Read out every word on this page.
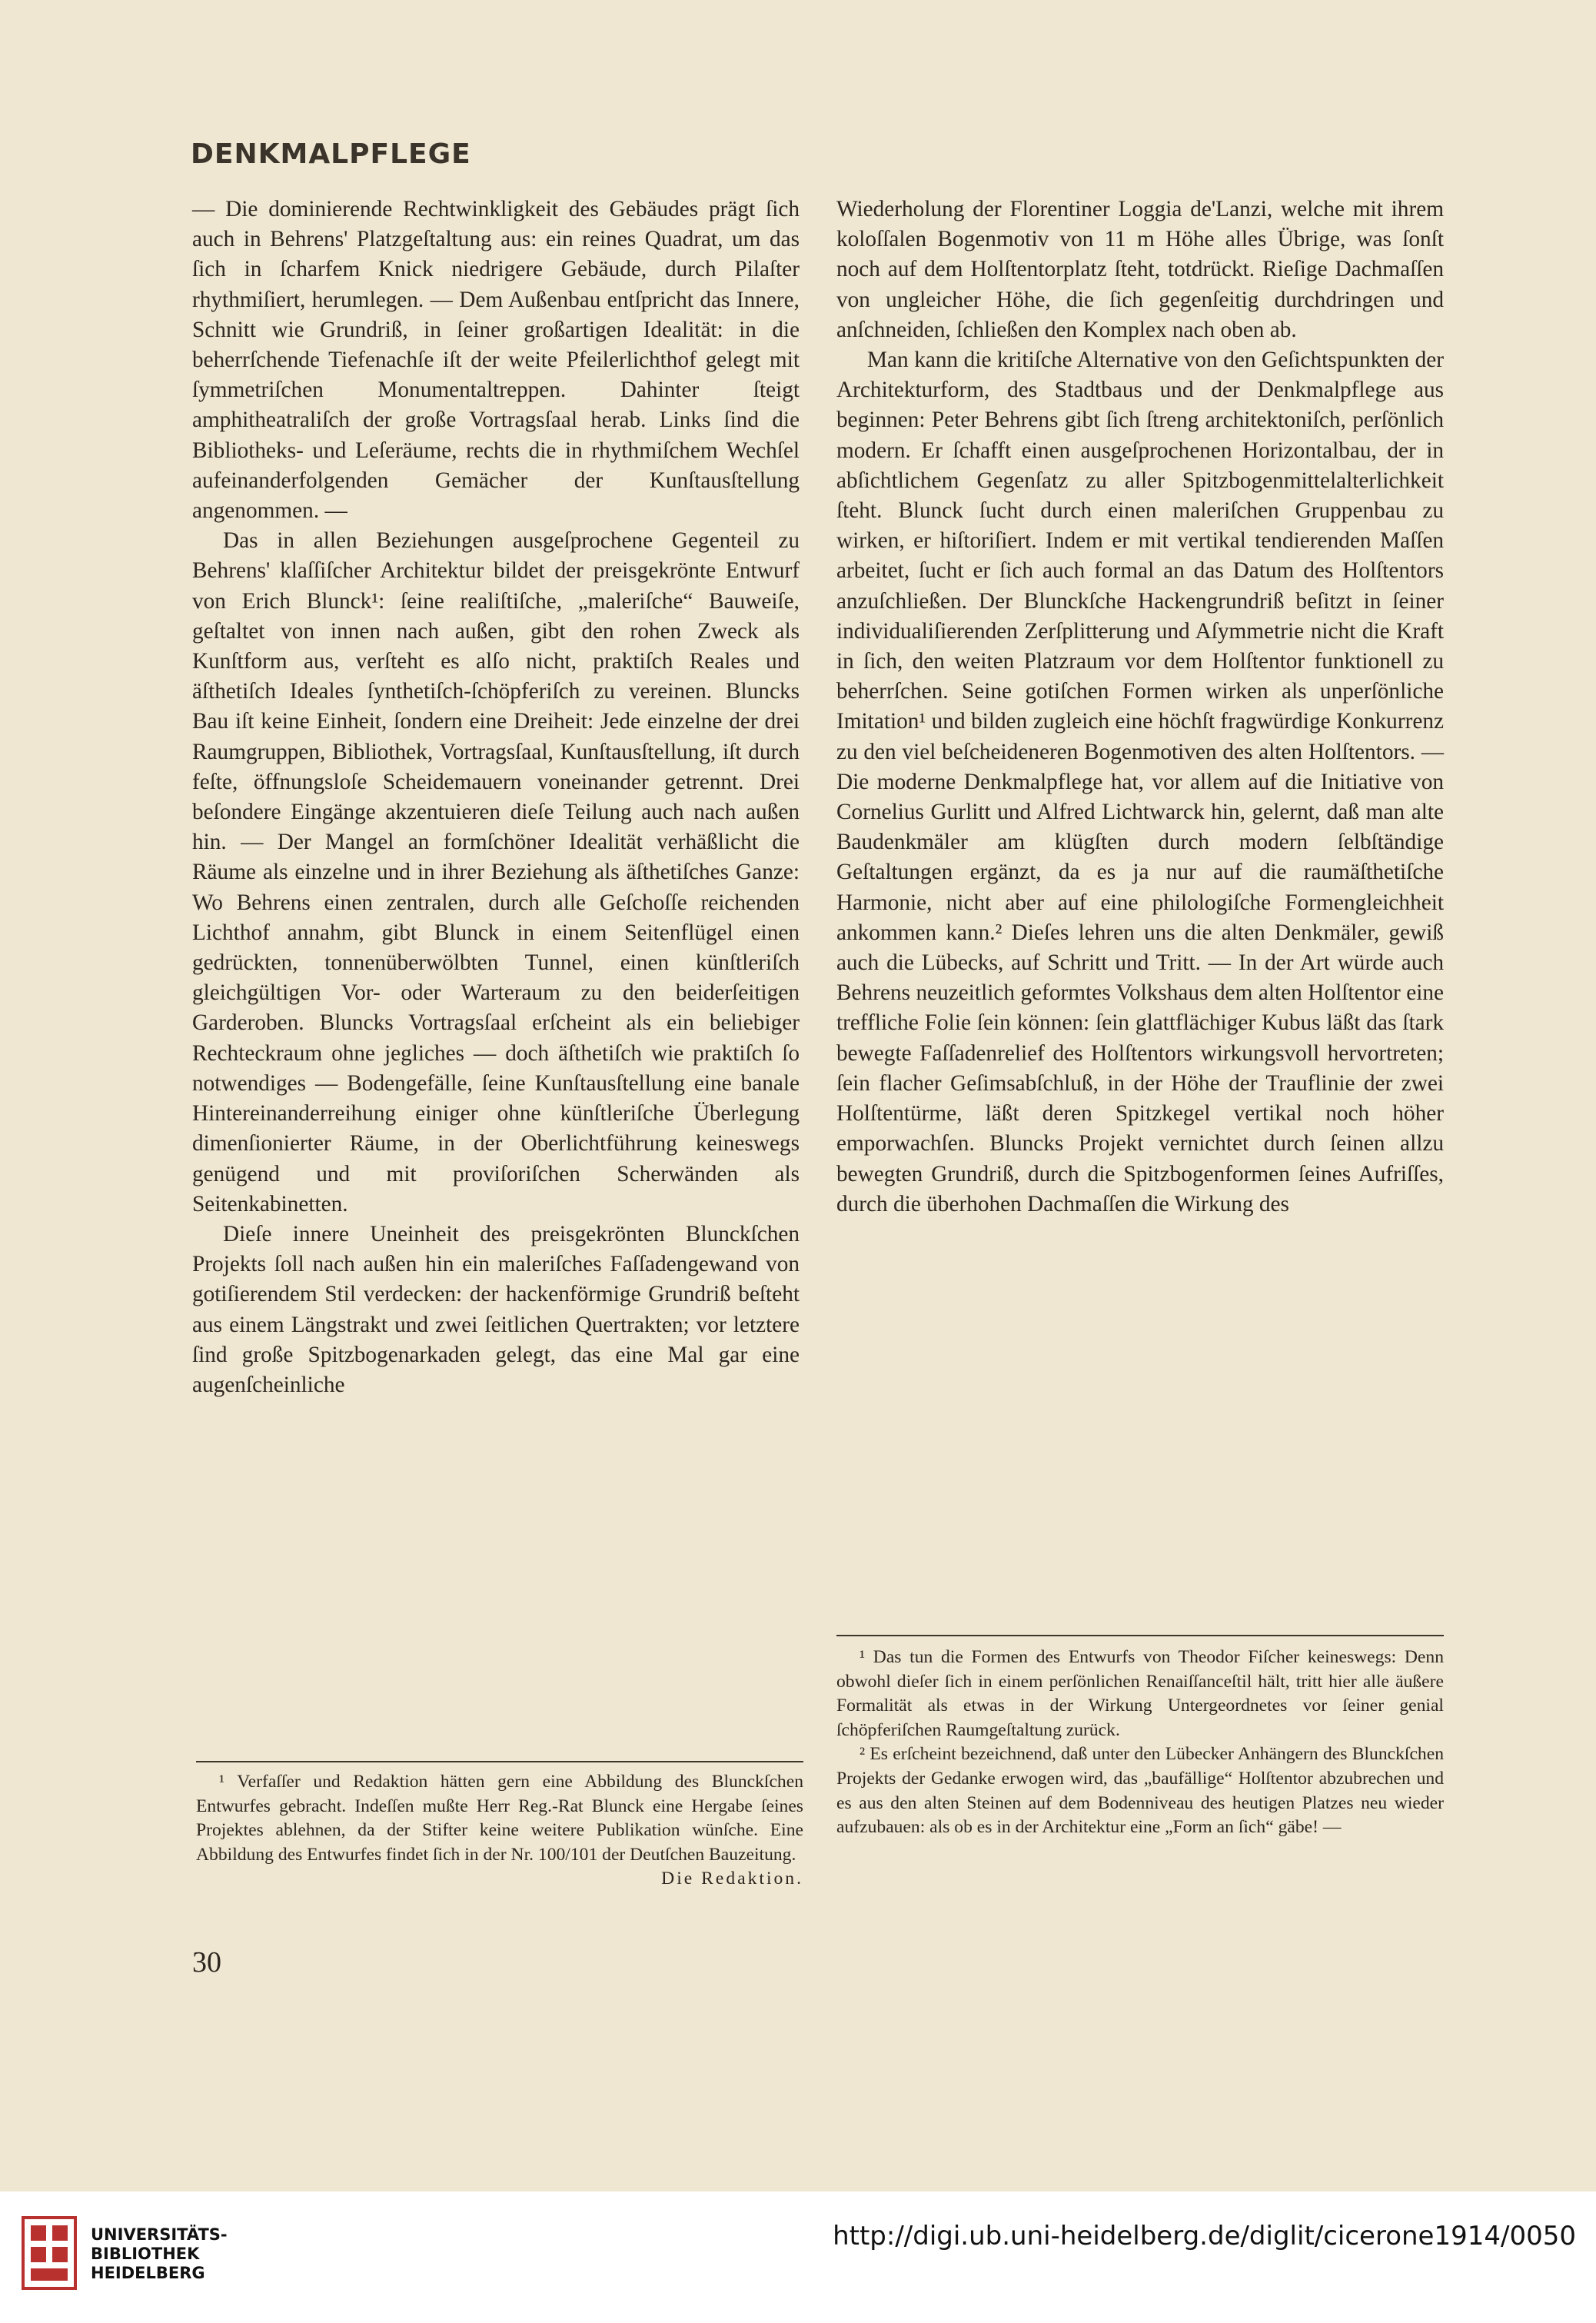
DENKMALPFLEGE

— Die dominierende Rechtwinkligkeit des Gebäudes prägt ſich auch in Behrens' Platzgeſtaltung aus: ein reines Quadrat, um das ſich in ſcharfem Knick niedrigere Gebäude, durch Pilaſter rhythmiſiert, herumlegen. — Dem Außenbau entſpricht das Innere, Schnitt wie Grundriß, in ſeiner großartigen Idealität: in die beherrſchende Tiefenachſe iſt der weite Pfeilerlichthof gelegt mit ſymmetriſchen Monumentaltreppen. Dahinter ſteigt amphitheatraliſch der große Vortragsſaal herab. Links ſind die Bibliotheks- und Leſeräume, rechts die in rhythmiſchem Wechſel aufeinanderfolgenden Gemächer der Kunſtausſtellung angenommen. —

Das in allen Beziehungen ausgeſprochene Gegenteil zu Behrens' klaſſiſcher Architektur bildet der preisgekrönte Entwurf von Erich Blunck¹: ſeine realiſtiſche, „maleriſche“ Bauweiſe, geſtaltet von innen nach außen, gibt den rohen Zweck als Kunſtform aus, verſteht es alſo nicht, praktiſch Reales und äſthetiſch Ideales ſynthetiſch-ſchöpferiſch zu vereinen. Bluncks Bau iſt keine Einheit, ſondern eine Dreiheit: Jede einzelne der drei Raumgruppen, Bibliothek, Vortragsſaal, Kunſtausſtellung, iſt durch feſte, öffnungsloſe Scheidemauern voneinander getrennt. Drei beſondere Eingänge akzentuieren dieſe Teilung auch nach außen hin. — Der Mangel an formſchöner Idealität verhäßlicht die Räume als einzelne und in ihrer Beziehung als äſthetiſches Ganze: Wo Behrens einen zentralen, durch alle Geſchoſſe reichenden Lichthof annahm, gibt Blunck in einem Seitenflügel einen gedrückten, tonnenüberwölbten Tunnel, einen künſtleriſch gleichgültigen Vor- oder Warteraum zu den beiderſeitigen Garderoben. Bluncks Vortragsſaal erſcheint als ein beliebiger Rechteckraum ohne jegliches — doch äſthetiſch wie praktiſch ſo notwendiges — Bodengefälle, ſeine Kunſtausſtellung eine banale Hintereinanderreihung einiger ohne künſtleriſche Überlegung dimenſionierter Räume, in der Oberlichtführung keineswegs genügend und mit proviſoriſchen Scherwänden als Seitenkabinetten.

Dieſe innere Uneinheit des preisgekrönten Blunckſchen Projekts ſoll nach außen hin ein maleriſches Faſſadengewand von gotiſierendem Stil verdecken: der hackenförmige Grundriß beſteht aus einem Längstrakt und zwei ſeitlichen Quertrakten; vor letztere ſind große Spitzbogenarkaden gelegt, das eine Mal gar eine augenſcheinliche

¹ Verfaſſer und Redaktion hätten gern eine Abbildung des Blunckſchen Entwurfes gebracht. Indeſſen mußte Herr Reg.-Rat Blunck eine Hergabe ſeines Projektes ablehnen, da der Stifter keine weitere Publikation wünſche. Eine Abbildung des Entwurfes findet ſich in der Nr. 100/101 der Deutſchen Bauzeitung.
Die Redaktion.

Wiederholung der Florentiner Loggia de'Lanzi, welche mit ihrem koloſſalen Bogenmotiv von 11 m Höhe alles Übrige, was ſonſt noch auf dem Holſtentorplatz ſteht, totdrückt. Rieſige Dachmaſſen von ungleicher Höhe, die ſich gegenſeitig durchdringen und anſchneiden, ſchließen den Komplex nach oben ab.

Man kann die kritiſche Alternative von den Geſichtspunkten der Architekturform, des Stadtbaus und der Denkmalpflege aus beginnen: Peter Behrens gibt ſich ſtreng architektoniſch, perſönlich modern. Er ſchafft einen ausgeſprochenen Horizontalbau, der in abſichtlichem Gegenſatz zu aller Spitzbogenmittelalterlichkeit ſteht. Blunck ſucht durch einen maleriſchen Gruppenbau zu wirken, er hiſtoriſiert. Indem er mit vertikal tendierenden Maſſen arbeitet, ſucht er ſich auch formal an das Datum des Holſtentors anzuſchließen. Der Blunckſche Hackengrundriß beſitzt in ſeiner individualiſierenden Zerſplitterung und Aſymmetrie nicht die Kraft in ſich, den weiten Platzraum vor dem Holſtentor funktionell zu beherrſchen. Seine gotiſchen Formen wirken als unperſönliche Imitation¹ und bilden zugleich eine höchſt fragwürdige Konkurrenz zu den viel beſcheideneren Bogenmotiven des alten Holſtentors. — Die moderne Denkmalpflege hat, vor allem auf die Initiative von Cornelius Gurlitt und Alfred Lichtwarck hin, gelernt, daß man alte Baudenkmäler am klügſten durch modern ſelbſtändige Geſtaltungen ergänzt, da es ja nur auf die raumäſthetiſche Harmonie, nicht aber auf eine philologiſche Formengleichheit ankommen kann.² Dieſes lehren uns die alten Denkmäler, gewiß auch die Lübecks, auf Schritt und Tritt. — In der Art würde auch Behrens neuzeitlich geformtes Volkshaus dem alten Holſtentor eine treffliche Folie ſein können: ſein glattflächiger Kubus läßt das ſtark bewegte Faſſadenrelief des Holſtentors wirkungsvoll hervortreten; ſein flacher Geſimsabſchluß, in der Höhe der Trauflinie der zwei Holſtentürme, läßt deren Spitzkegel vertikal noch höher emporwachſen. Bluncks Projekt vernichtet durch ſeinen allzu bewegten Grundriß, durch die Spitzbogenformen ſeines Aufriſſes, durch die überhohen Dachmaſſen die Wirkung des

¹ Das tun die Formen des Entwurfs von Theodor Fiſcher keineswegs: Denn obwohl dieſer ſich in einem perſönlichen Renaiſſanceſtil hält, tritt hier alle äußere Formalität als etwas in der Wirkung Untergeordnetes vor ſeiner genial ſchöpferiſchen Raumgeſtaltung zurück.

² Es erſcheint bezeichnend, daß unter den Lübecker Anhängern des Blunckſchen Projekts der Gedanke erwogen wird, das „baufällige“ Holſtentor abzubrechen und es aus den alten Steinen auf dem Bodenniveau des heutigen Platzes neu wieder aufzubauen: als ob es in der Architektur eine „Form an ſich“ gäbe! —

30
UNIVERSITÄTS-
BIBLIOTHEK
HEIDELBERG
http://digi.ub.uni-heidelberg.de/diglit/cicerone1914/0050
